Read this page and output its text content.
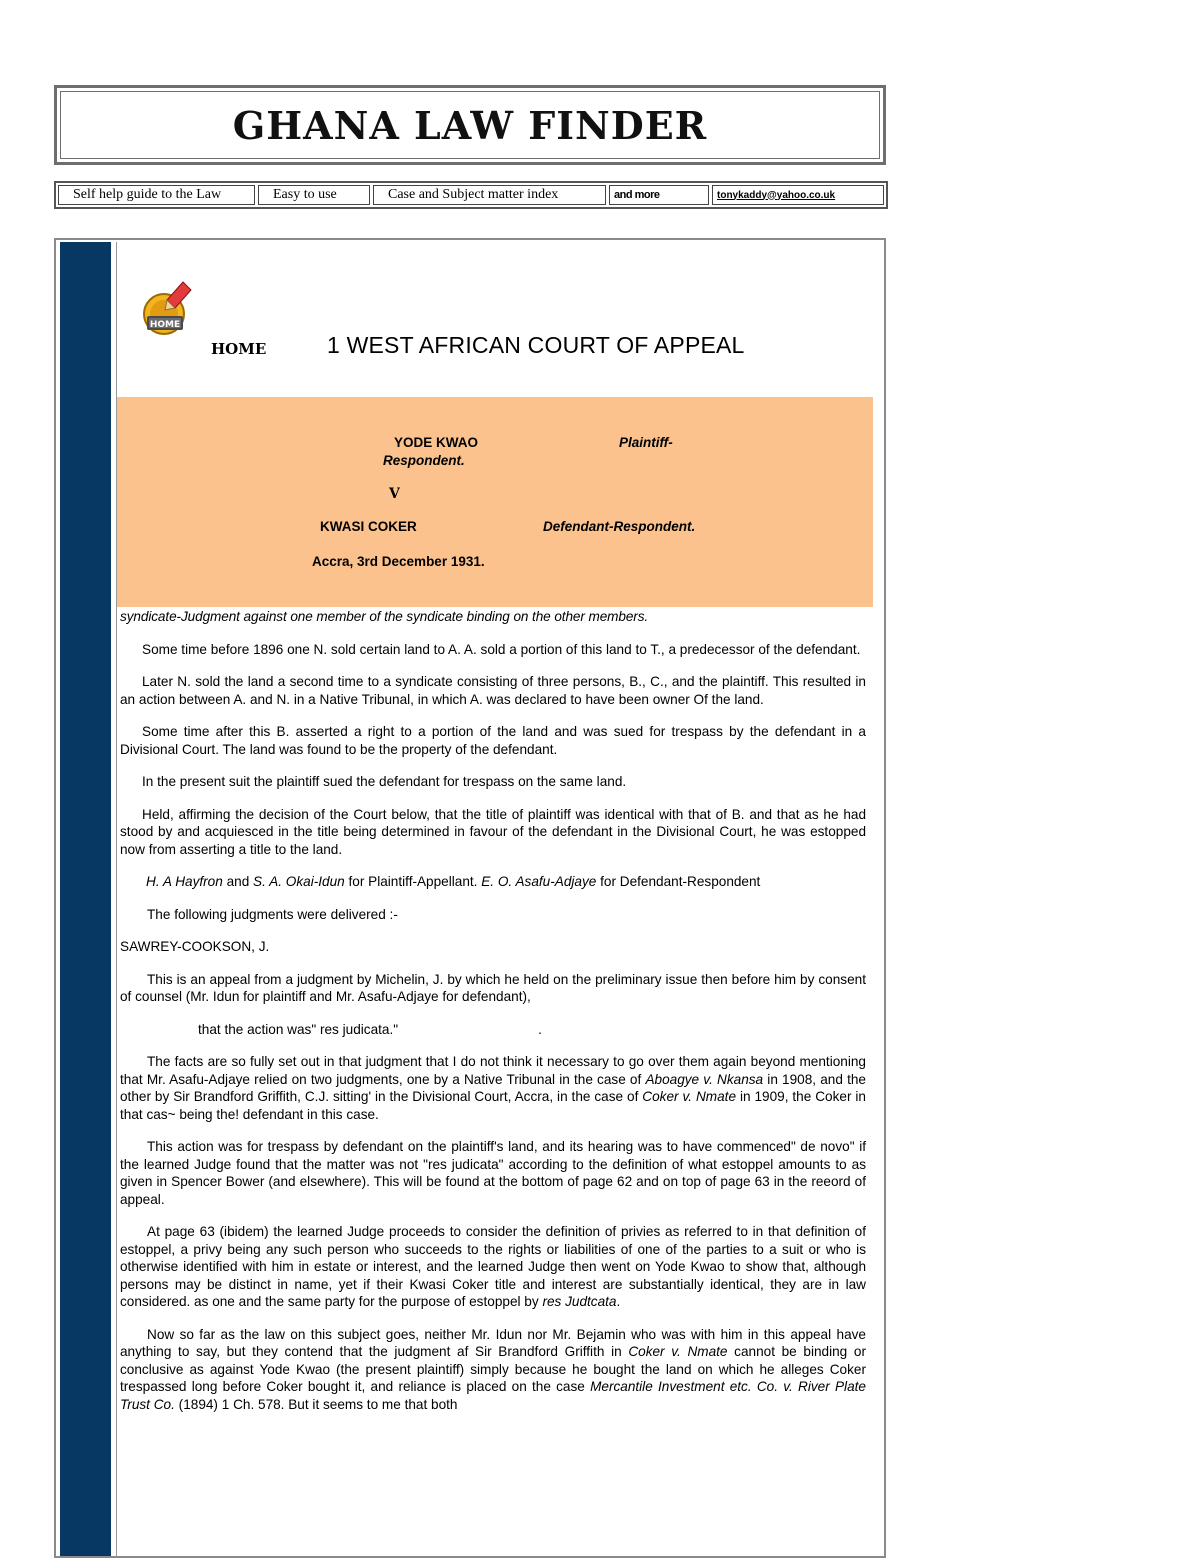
GHANA LAW FINDER
Self help guide to the Law	Easy to use	Case and Subject matter index	and more	tonykaddy@yahoo.co.uk
HOME
HOME	1 WEST AFRICAN COURT OF APPEAL
YODE KWAO	Plaintiff-
Respondent.
V
KWASI COKER	Defendant-Respondent.
Accra, 3rd December 1931.

syndicate-Judgment against one member of the syndicate binding on the other members.

Some time before 1896 one N. sold certain land to A. A. sold a portion of this land to T., a predecessor of the defendant.

Later N. sold the land a second time to a syndicate consisting of three persons, B., C., and the plaintiff. This resulted in an action between A. and N. in a Native Tribunal, in which A. was declared to have been owner Of the land.

Some time after this B. asserted a right to a portion of the land and was sued for trespass by the defendant in a Divisional Court. The land was found to be the property of the defendant.

In the present suit the plaintiff sued the defendant for trespass on the same land.

Held, affirming the decision of the Court below, that the title of plaintiff was identical with that of B. and that as he had stood by and acquiesced in the title being determined in favour of the defendant in the Divisional Court, he was estopped now from asserting a title to the land.

H. A Hayfron and S. A. Okai-Idun for Plaintiff-Appellant. E. O. Asafu-Adjaye for Defendant-Respondent

The following judgments were delivered :-

SAWREY-COOKSON, J.

This is an appeal from a judgment by Michelin, J. by which he held on the preliminary issue then before him by consent of counsel (Mr. Idun for plaintiff and Mr. Asafu-Adjaye for defendant),

that the action was" res judicata."	.

The facts are so fully set out in that judgment that I do not think it necessary to go over them again beyond mentioning that Mr. Asafu-Adjaye relied on two judgments, one by a Native Tribunal in the case of Aboagye v. Nkansa in 1908, and the other by Sir Brandford Griffith, C.J. sitting' in the Divisional Court, Accra, in the case of Coker v. Nmate in 1909, the Coker in that cas~ being the! defendant in this case.

This action was for trespass by defendant on the plaintiff's land, and its hearing was to have commenced" de novo" if the learned Judge found that the matter was not "res judicata" according to the definition of what estoppel amounts to as given in Spencer Bower (and elsewhere). This will be found at the bottom of page 62 and on top of page 63 in the reeord of appeal.

At page 63 (ibidem) the learned Judge proceeds to consider the definition of privies as referred to in that definition of estoppel, a privy being any such person who succeeds to the rights or liabilities of one of the parties to a suit or who is otherwise identified with him in estate or interest, and the learned Judge then went on Yode Kwao to show that, although persons may be distinct in name, yet if their Kwasi Coker title and interest are substantially identical, they are in law considered. as one and the same party for the purpose of estoppel by res Judtcata.

Now so far as the law on this subject goes, neither Mr. Idun nor Mr. Bejamin who was with him in this appeal have anything to say, but they contend that the judgment af Sir Brandford Griffith in Coker v. Nmate cannot be binding or conclusive as against Yode Kwao (the present plaintiff) simply because he bought the land on which he alleges Coker trespassed long before Coker bought it, and reliance is placed on the case Mercantile Investment etc. Co. v. River Plate Trust Co. (1894) 1 Ch. 578. But it seems to me that both
